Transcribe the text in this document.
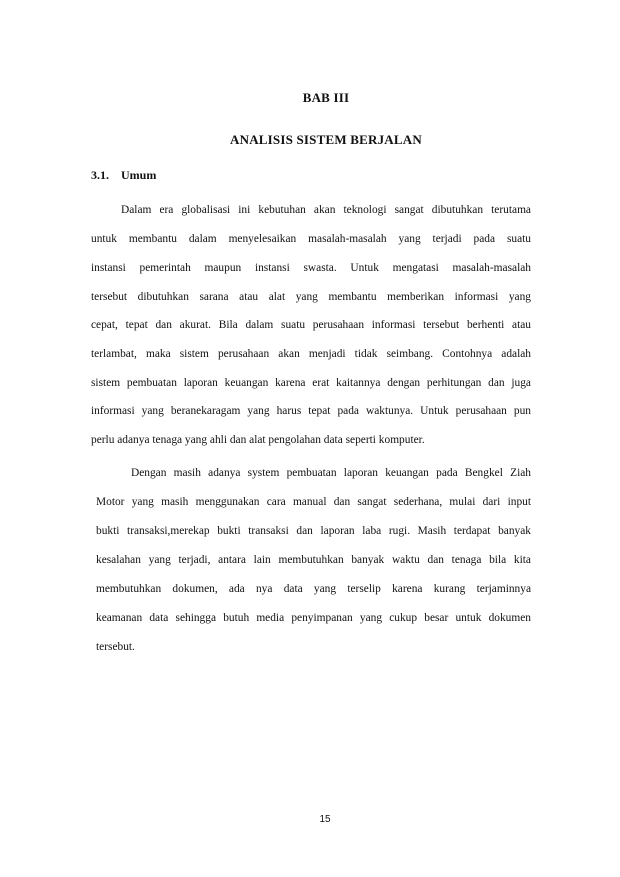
BAB III
ANALISIS SISTEM BERJALAN
3.1. Umum
Dalam era globalisasi ini kebutuhan akan teknologi sangat dibutuhkan terutama
untuk membantu dalam menyelesaikan masalah-masalah yang terjadi pada suatu
instansi pemerintah maupun instansi swasta. Untuk mengatasi masalah-masalah
tersebut dibutuhkan sarana atau alat yang membantu memberikan informasi yang
cepat, tepat dan akurat. Bila dalam suatu perusahaan informasi tersebut berhenti atau
terlambat, maka sistem perusahaan akan menjadi tidak seimbang. Contohnya adalah
sistem pembuatan laporan keuangan karena erat kaitannya dengan perhitungan dan juga
informasi yang beranekaragam yang harus tepat pada waktunya. Untuk perusahaan pun
perlu adanya tenaga yang ahli dan alat pengolahan data seperti komputer.
Dengan masih adanya system pembuatan laporan keuangan pada Bengkel Ziah
Motor yang masih menggunakan cara manual dan sangat sederhana, mulai dari input
bukti transaksi,merekap bukti transaksi dan laporan laba rugi. Masih terdapat banyak
kesalahan yang terjadi, antara lain membutuhkan banyak waktu dan tenaga bila kita
membutuhkan dokumen, ada nya data yang terselip karena kurang terjaminnya
keamanan data sehingga butuh media penyimpanan yang cukup besar untuk dokumen
tersebut.
15
